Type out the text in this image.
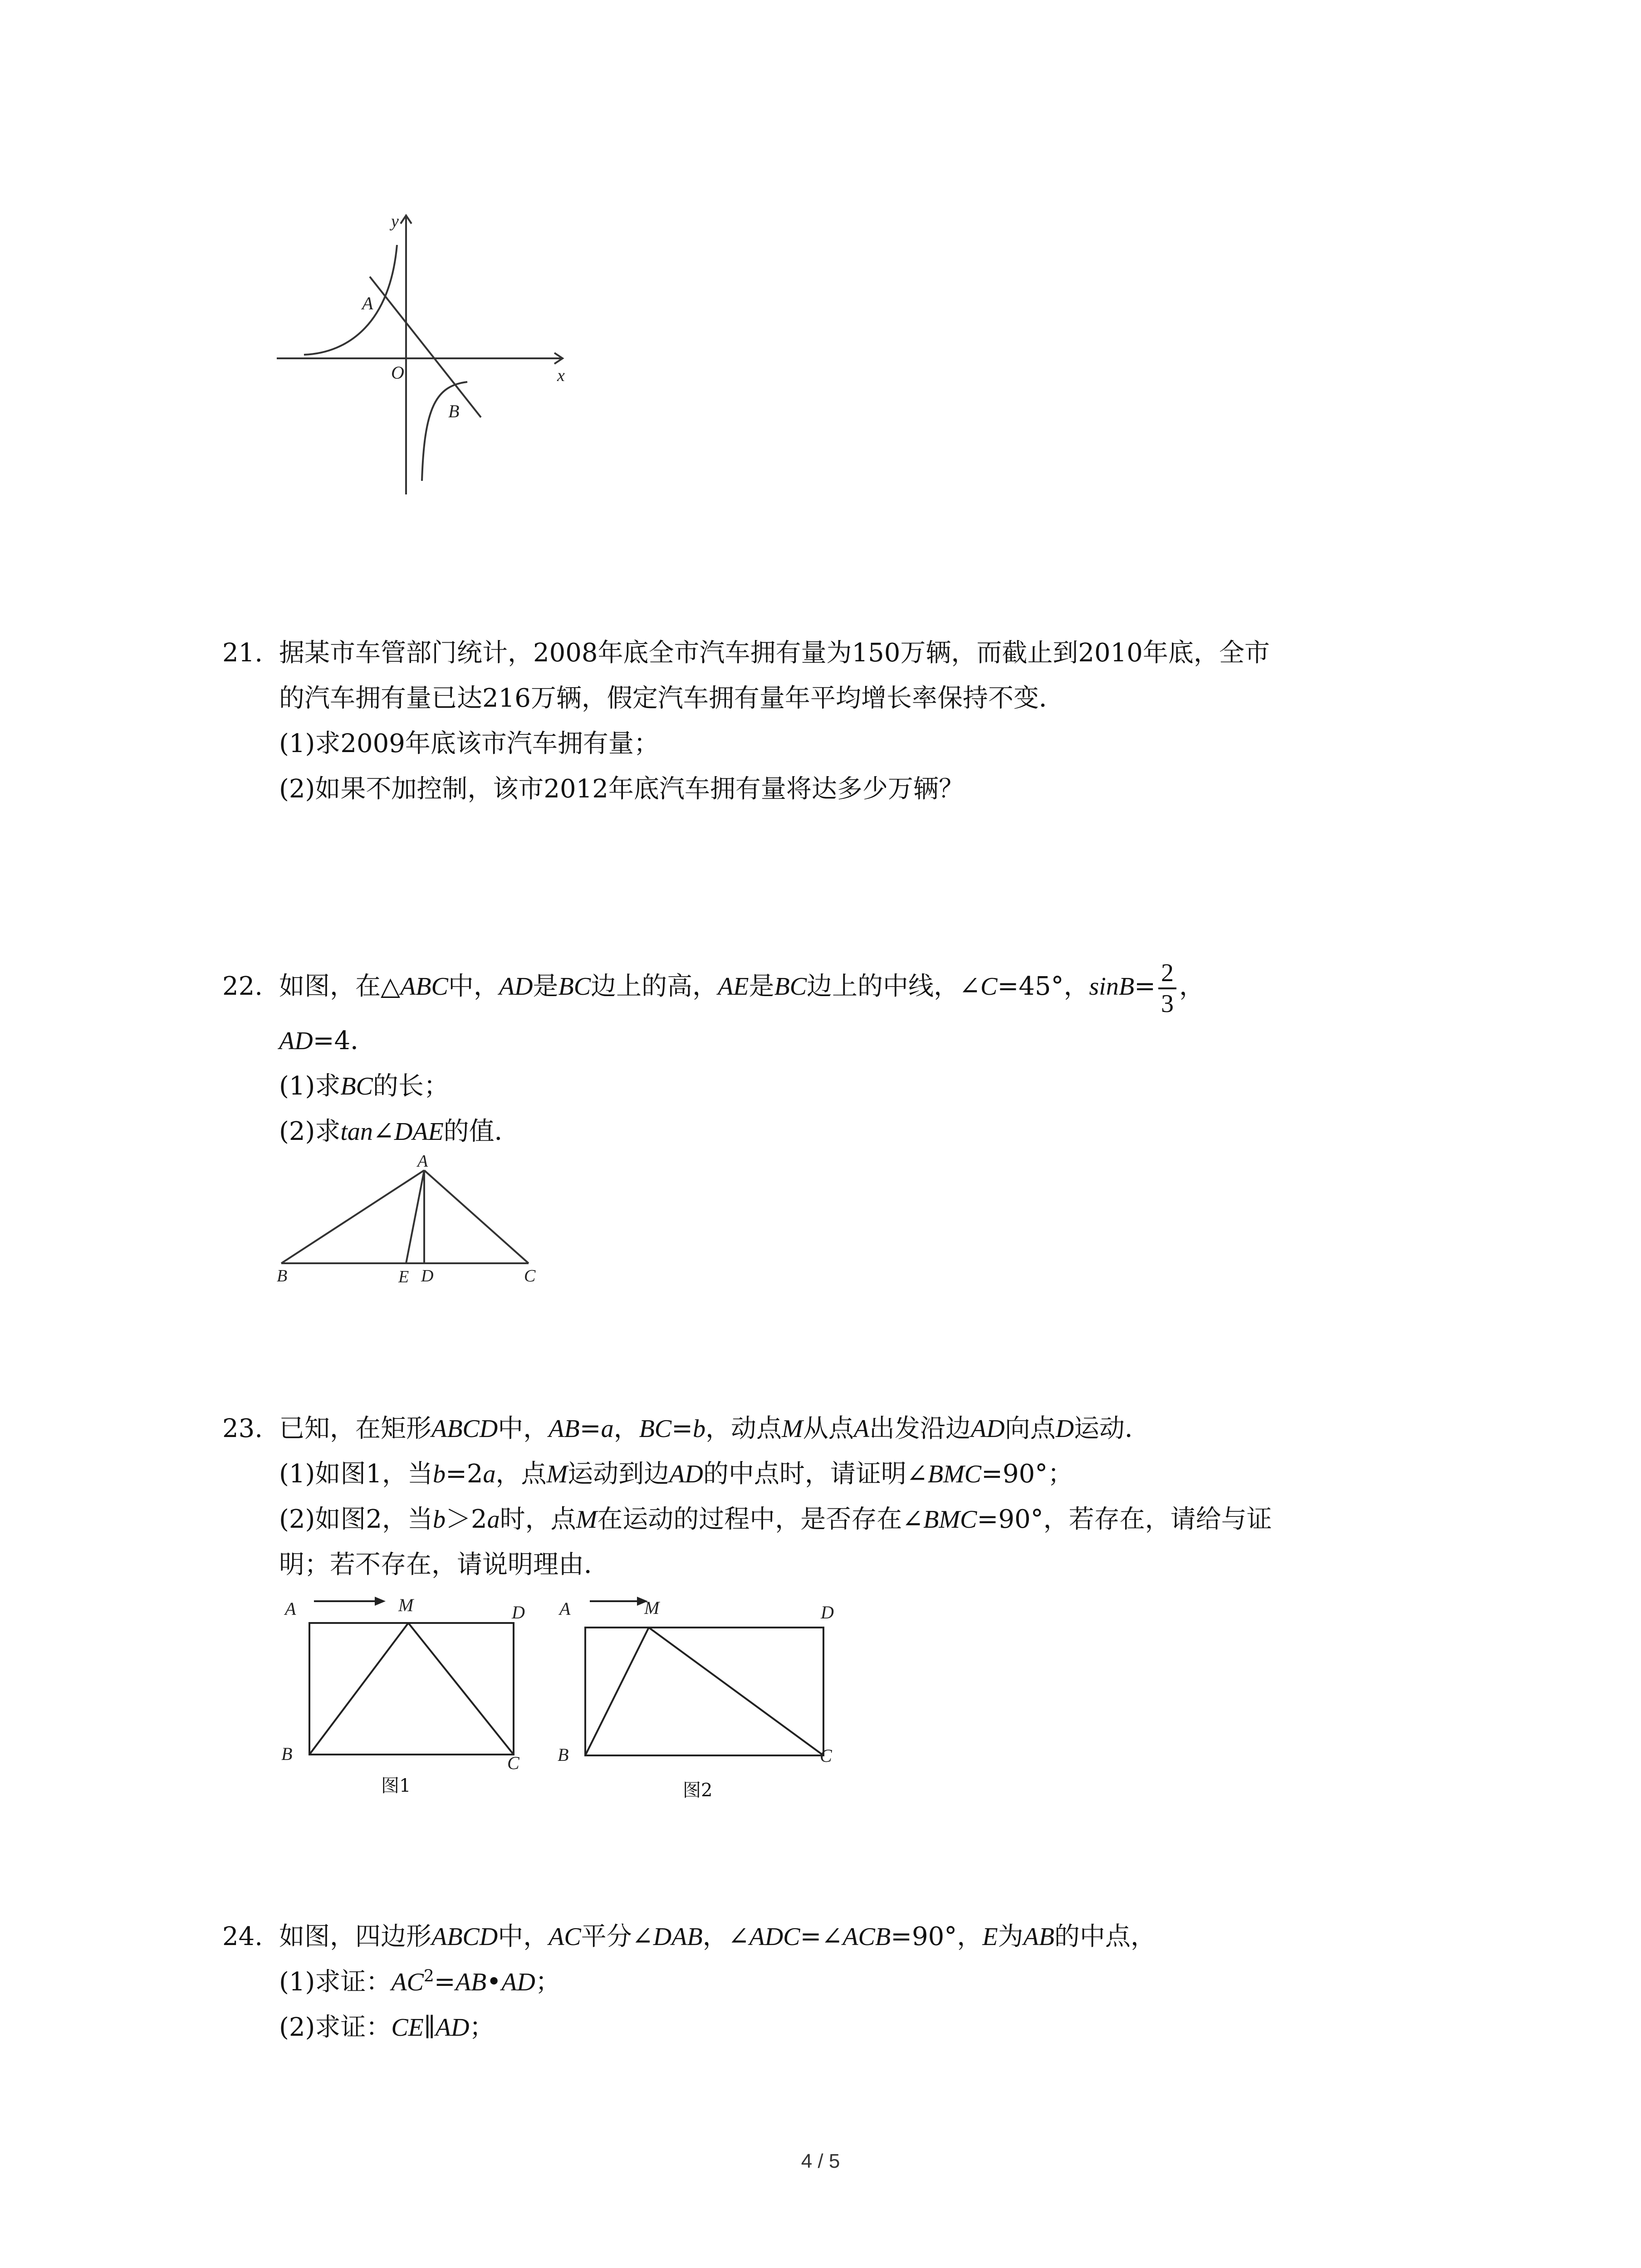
y
x
O
A
B
21. 据某市车管部门统计，2008年底全市汽车拥有量为150万辆，而截止到2010年底，全市
的汽车拥有量已达216万辆，假定汽车拥有量年平均增长率保持不变．
(1)求2009年底该市汽车拥有量；
(2)如果不加控制，该市2012年底汽车拥有量将达多少万辆？
22. 如图，在△ABC中，AD是BC边上的高，AE是BC边上的中线，∠C=45°，$\sin B= \frac{2}{3}$ ，
AD=4．
(1)求BC的长；
(2)求tan∠DAE的值．
A
B	E D	C
23. 已知，在矩形ABCD中，AB=a，BC=b，动点M从点A出发沿边AD向点D运动．
(1)如图1，当b=2a，点M运动到边AD的中点时，请证明∠BMC=90°；
(2)如图2，当b＞2a时，点M在运动的过程中，是否存在∠BMC=90°，若存在，请给与证
明；若不存在，请说明理由．
A	M	D
B	C
图1
A	M	D
B	C
图2
24. 如图，四边形ABCD中，AC平分∠DAB，∠ADC=∠ACB=90°，E为AB的中点，
(1)求证：$AC^2=AB•AD$；
(2)求证：CE∥AD；
4 / 5
